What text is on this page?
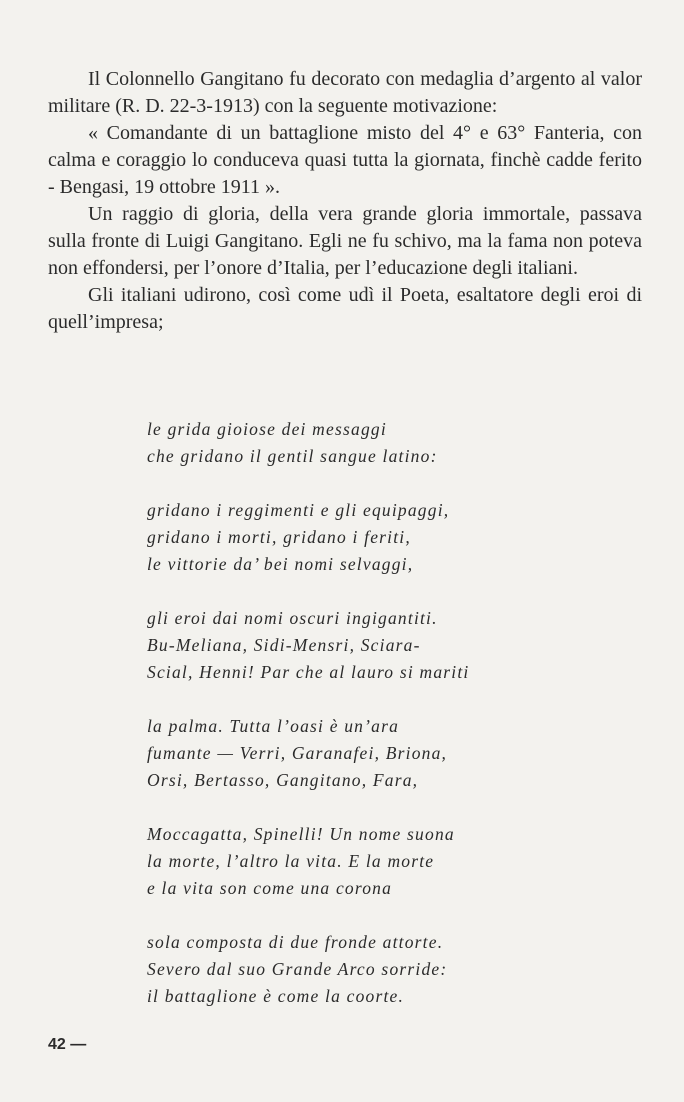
Il Colonnello Gangitano fu decorato con medaglia d’argento al valor militare (R. D. 22-3-1913) con la seguente motivazione:

« Comandante di un battaglione misto del 4° e 63° Fanteria, con calma e coraggio lo conduceva quasi tutta la giornata, finchè cadde ferito - Bengasi, 19 ottobre 1911 ».

Un raggio di gloria, della vera grande gloria immortale, passava sulla fronte di Luigi Gangitano. Egli ne fu schivo, ma la fama non poteva non effondersi, per l’onore d’Italia, per l’educazione degli italiani.

Gli italiani udirono, così come udì il Poeta, esaltatore degli eroi di quell’impresa;

le grida gioiose dei messaggi
che gridano il gentil sangue latino:
gridano i reggimenti e gli equipaggi,
gridano i morti, gridano i feriti,
le vittorie da’ bei nomi selvaggi,
gli eroi dai nomi oscuri ingigantiti.
Bu-Meliana, Sidi-Mensri, Sciara-
Scial, Henni! Par che al lauro si mariti
la palma. Tutta l’oasi è un’ara
fumante — Verri, Garanafei, Briona,
Orsi, Bertasso, Gangitano, Fara,
Moccagatta, Spinelli! Un nome suona
la morte, l’altro la vita. E la morte
e la vita son come una corona
sola composta di due fronde attorte.
Severo dal suo Grande Arco sorride:
il battaglione è come la coorte.
42 —
